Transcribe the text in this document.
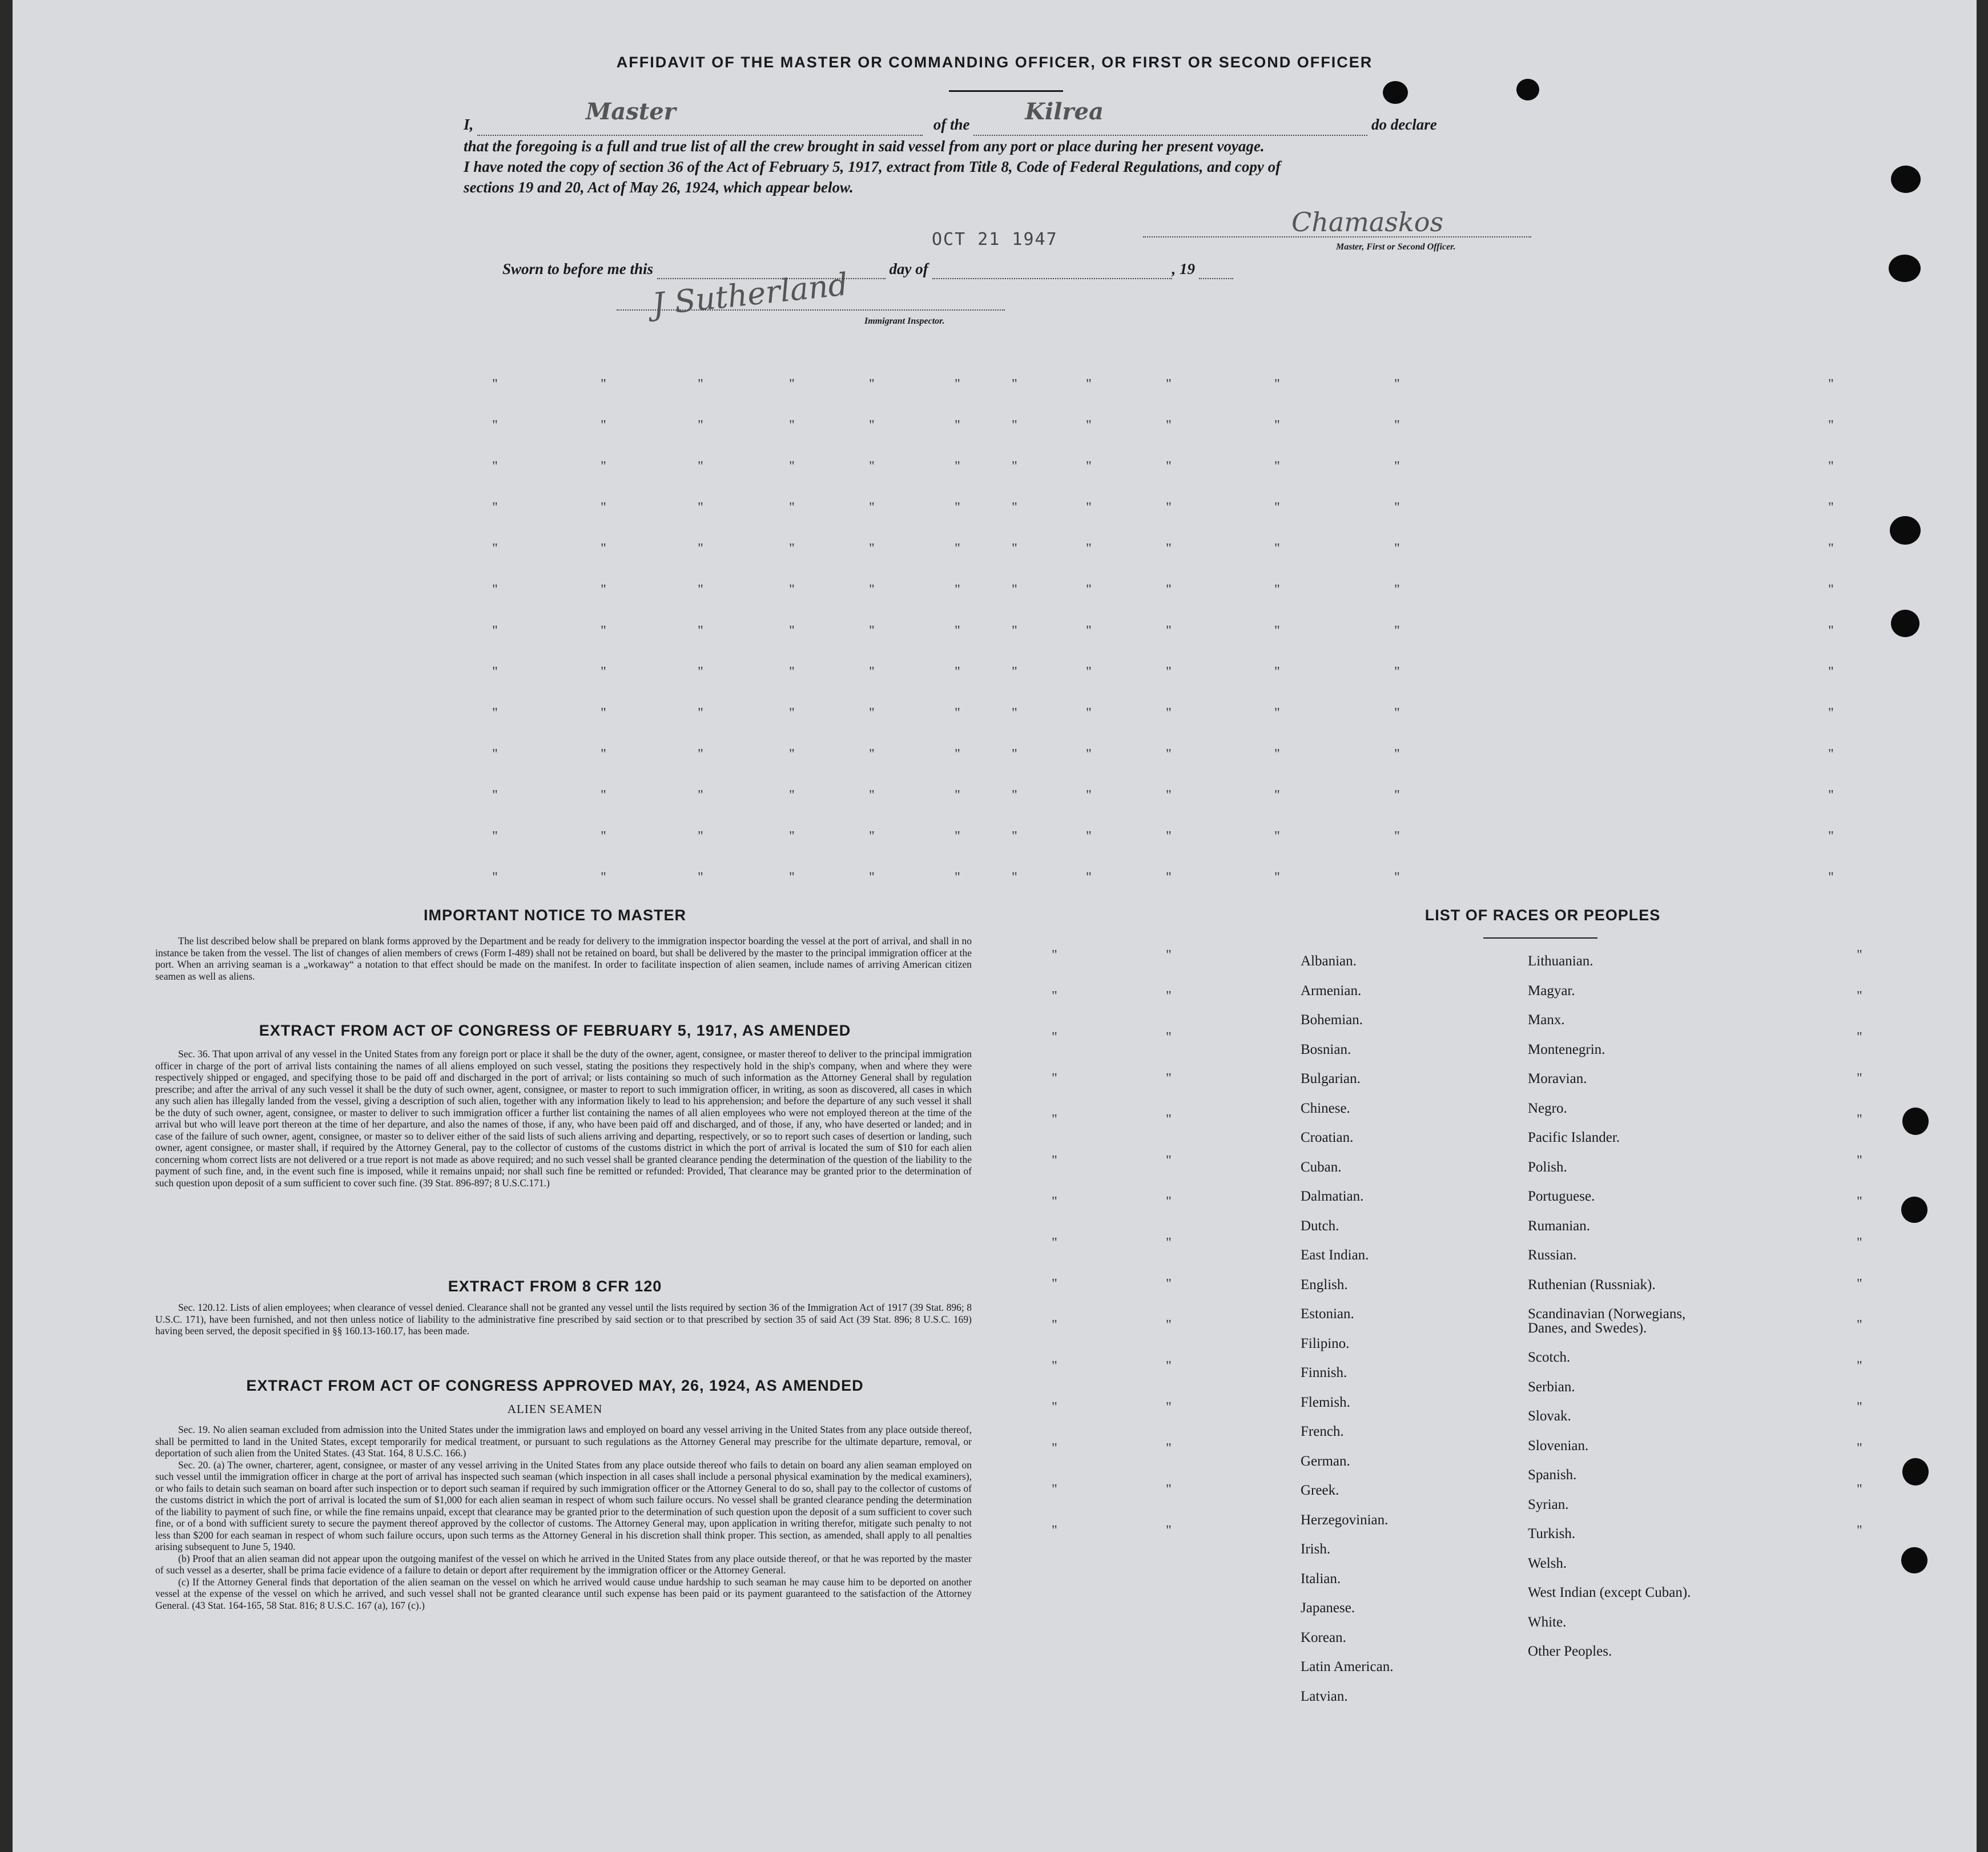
AFFIDAVIT OF THE MASTER OR COMMANDING OFFICER, OR FIRST OR SECOND OFFICER
I,	Master	of the Kilrea	do declare
that the foregoing is a full and true list of all the crew brought in said vessel from any port or place during her present voyage.
I have noted the copy of section 36 of the Act of February 5, 1917, extract from Title 8, Code of Federal Regulations, and copy of
sections 19 and 20, Act of May 26, 1924, which appear below.
OCT 21 1947
Chamaskos
Master, First or Second Officer.
Sworn to before me this	day of	, 19
J Sutherland Immigrant Inspector.
"	"	"	"	"	"	"	"	"	"	"	"
"	"	"	"	"	"	"	"	"	"	"	"
"	"	"	"	"	"	"	"	"	"	"	"
"	"	"	"	"	"	"	"	"	"	"	"
"	"	"	"	"	"	"	"	"	"	"	"
"	"	"	"	"	"	"	"	"	"	"	"
"	"	"	"	"	"	"	"	"	"	"	"
"	"	"	"	"	"	"	"	"	"	"	"
"	"	"	"	"	"	"	"	"	"	"	"
"	"	"	"	"	"	"	"	"	"	"	"
"	"	"	"	"	"	"	"	"	"	"	"
"	"	"	"	"	"	"	"	"	"	"	"
"	"	"	"	"	"	"	"	"	"	"	"
"	"	"
"	"	"
"	"	"
"	"	"
"	"	"
"	"	"
"	"	"
"	"	"
"	"	"
"	"	"
"	"	"
"	"	"
"	"	"
"	"	"
"	"	"
IMPORTANT NOTICE TO MASTER

The list described below shall be prepared on blank forms approved by the Department and be ready for delivery to the immigration inspector boarding the vessel at the port of arrival, and shall in no instance be taken from the vessel. The list of changes of alien members of crews (Form I-489) shall not be retained on board, but shall be delivered by the master to the principal immigration officer at the port. When an arriving seaman is a „workaway“ a notation to that effect should be made on the manifest. In order to facilitate inspection of alien seamen, include names of arriving American citizen seamen as well as aliens.

EXTRACT FROM ACT OF CONGRESS OF FEBRUARY 5, 1917, AS AMENDED

Sec. 36. That upon arrival of any vessel in the United States from any foreign port or place it shall be the duty of the owner, agent, consignee, or master thereof to deliver to the principal immigration officer in charge of the port of arrival lists containing the names of all aliens employed on such vessel, stating the positions they respectively hold in the ship's company, when and where they were respectively shipped or engaged, and specifying those to be paid off and discharged in the port of arrival; or lists containing so much of such information as the Attorney General shall by regulation prescribe; and after the arrival of any such vessel it shall be the duty of such owner, agent, consignee, or master to report to such immigration officer, in writing, as soon as discovered, all cases in which any such alien has illegally landed from the vessel, giving a description of such alien, together with any information likely to lead to his apprehension; and before the departure of any such vessel it shall be the duty of such owner, agent, consignee, or master to deliver to such immigration officer a further list containing the names of all alien employees who were not employed thereon at the time of the arrival but who will leave port thereon at the time of her departure, and also the names of those, if any, who have been paid off and discharged, and of those, if any, who have deserted or landed; and in case of the failure of such owner, agent, consignee, or master so to deliver either of the said lists of such aliens arriving and departing, respectively, or so to report such cases of desertion or landing, such owner, agent consignee, or master shall, if required by the Attorney General, pay to the collector of customs of the customs district in which the port of arrival is located the sum of $10 for each alien concerning whom correct lists are not delivered or a true report is not made as above required; and no such vessel shall be granted clearance pending the determination of the question of the liability to the payment of such fine, and, in the event such fine is imposed, while it remains unpaid; nor shall such fine be remitted or refunded: Provided, That clearance may be granted prior to the determination of such question upon deposit of a sum sufficient to cover such fine. (39 Stat. 896-897; 8 U.S.C.171.)

EXTRACT FROM 8 CFR 120

Sec. 120.12. Lists of alien employees; when clearance of vessel denied. Clearance shall not be granted any vessel until the lists required by section 36 of the Immigration Act of 1917 (39 Stat. 896; 8 U.S.C. 171), have been furnished, and not then unless notice of liability to the administrative fine prescribed by said section or to that prescribed by section 35 of said Act (39 Stat. 896; 8 U.S.C. 169) having been served, the deposit specified in §§ 160.13-160.17, has been made.

EXTRACT FROM ACT OF CONGRESS APPROVED MAY, 26, 1924, AS AMENDED
ALIEN SEAMEN

Sec. 19. No alien seaman excluded from admission into the United States under the immigration laws and employed on board any vessel arriving in the United States from any place outside thereof, shall be permitted to land in the United States, except temporarily for medical treatment, or pursuant to such regulations as the Attorney General may prescribe for the ultimate departure, removal, or deportation of such alien from the United States. (43 Stat. 164, 8 U.S.C. 166.)

Sec. 20. (a) The owner, charterer, agent, consignee, or master of any vessel arriving in the United States from any place outside thereof who fails to detain on board any alien seaman employed on such vessel until the immigration officer in charge at the port of arrival has inspected such seaman (which inspection in all cases shall include a personal physical examination by the medical examiners), or who fails to detain such seaman on board after such inspection or to deport such seaman if required by such immigration officer or the Attorney General to do so, shall pay to the collector of customs of the customs district in which the port of arrival is located the sum of $1,000 for each alien seaman in respect of whom such failure occurs. No vessel shall be granted clearance pending the determination of the liability to payment of such fine, or while the fine remains unpaid, except that clearance may be granted prior to the determination of such question upon the deposit of a sum sufficient to cover such fine, or of a bond with sufficient surety to secure the payment thereof approved by the collector of customs. The Attorney General may, upon application in writing therefor, mitigate such penalty to not less than $200 for each seaman in respect of whom such failure occurs, upon such terms as the Attorney General in his discretion shall think proper. This section, as amended, shall apply to all penalties arising subsequent to June 5, 1940.

(b) Proof that an alien seaman did not appear upon the outgoing manifest of the vessel on which he arrived in the United States from any place outside thereof, or that he was reported by the master of such vessel as a deserter, shall be prima facie evidence of a failure to detain or deport after requirement by the immigration officer or the Attorney General.

(c) If the Attorney General finds that deportation of the alien seaman on the vessel on which he arrived would cause undue hardship to such seaman he may cause him to be deported on another vessel at the expense of the vessel on which he arrived, and such vessel shall not be granted clearance until such expense has been paid or its payment guaranteed to the satisfaction of the Attorney General. (43 Stat. 164-165, 58 Stat. 816; 8 U.S.C. 167 (a), 167 (c).)

LIST OF RACES OR PEOPLES
Albanian.
Armenian.
Bohemian.
Bosnian.
Bulgarian.
Chinese.
Croatian.
Cuban.
Dalmatian.
Dutch.
East Indian.
English.
Estonian.
Filipino.
Finnish.
Flemish.
French.
German.
Greek.
Herzegovinian.
Irish.
Italian.
Japanese.
Korean.
Latin American.
Latvian.
Lithuanian.
Magyar.
Manx.
Montenegrin.
Moravian.
Negro.
Pacific Islander.
Polish.
Portuguese.
Rumanian.
Russian.
Ruthenian (Russniak).
Scandinavian (Norwegians,
Danes, and Swedes).
Scotch.
Serbian.
Slovak.
Slovenian.
Spanish.
Syrian.
Turkish.
Welsh.
West Indian (except Cuban).
White.
Other Peoples.
